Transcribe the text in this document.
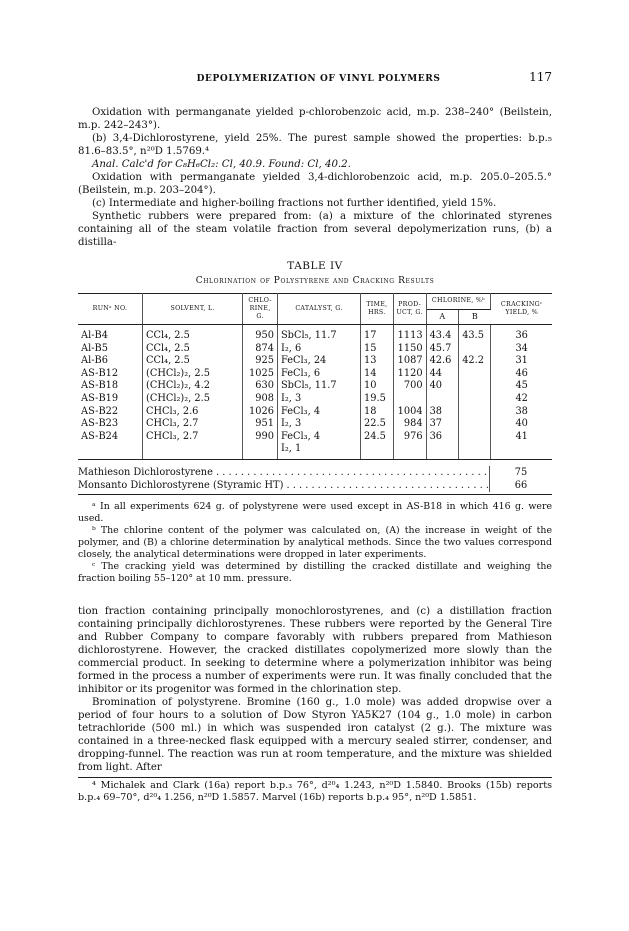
DEPOLYMERIZATION OF VINYL POLYMERS	117

Oxidation with permanganate yielded p-chlorobenzoic acid, m.p. 238–240° (Beilstein, m.p. 242–243°).

(b) 3,4-Dichlorostyrene, yield 25%. The purest sample showed the properties: b.p.₅ 81.6–83.5°, n²⁰D 1.5769.⁴

Anal. Calc'd for C₈H₆Cl₂: Cl, 40.9. Found: Cl, 40.2.

Oxidation with permanganate yielded 3,4-dichlorobenzoic acid, m.p. 205.0–205.5.° (Beilstein, m.p. 203–204°).

(c) Intermediate and higher-boiling fractions not further identified, yield 15%.

Synthetic rubbers were prepared from: (a) a mixture of the chlorinated styrenes containing all of the steam volatile fraction from several depolymerization runs, (b) a distilla-

TABLE IV
Chlorination of Polystyrene and Cracking Results
RUNᵃ NO.	SOLVENT, L.	CHLO- RINE, G.	CATALYST, G.	TIME, HRS.	PROD- UCT, G.	CHLORINE, %ᵇ		CRACKINGᶜ YIELD, %
						A	B	
Al-B4	CCl₄, 2.5	950	SbCl₅, 11.7	17	1113	43.4	43.5	36
Al-B5	CCl₄, 2.5	874	I₂, 6	15	1150	45.7		34
Al-B6	CCl₄, 2.5	925	FeCl₃, 24	13	1087	42.6	42.2	31
AS-B12	(CHCl₂)₂, 2.5	1025	FeCl₃, 6	14	1120	44		46
AS-B18	(CHCl₂)₂, 4.2	630	SbCl₅, 11.7	10	700	40		45
AS-B19	(CHCl₂)₂, 2.5	908	I₂, 3	19.5				42
AS-B22	CHCl₃, 2.6	1026	FeCl₃, 4	18	1004	38		38
AS-B23	CHCl₃, 2.7	951	I₂, 3	22.5	984	37		40
AS-B24	CHCl₃, 2.7	990	FeCl₃, 4	24.5	976	36		41
			I₂, 1					
Mathieson Dichlorostyrene . . .	75
Monsanto Dichlorostyrene (Styramic HT) . . .	66

ᵃ In all experiments 624 g. of polystyrene were used except in AS-B18 in which 416 g. were used.

ᵇ The chlorine content of the polymer was calculated on, (A) the increase in weight of the polymer, and (B) a chlorine determination by analytical methods. Since the two values correspond closely, the analytical determinations were dropped in later experiments.

ᶜ The cracking yield was determined by distilling the cracked distillate and weighing the fraction boiling 55–120° at 10 mm. pressure.

tion fraction containing principally monochlorostyrenes, and (c) a distillation fraction containing principally dichlorostyrenes. These rubbers were reported by the General Tire and Rubber Company to compare favorably with rubbers prepared from Mathieson dichlorostyrene. However, the cracked distillates copolymerized more slowly than the commercial product. In seeking to determine where a polymerization inhibitor was being formed in the process a number of experiments were run. It was finally concluded that the inhibitor or its progenitor was formed in the chlorination step.

Bromination of polystyrene. Bromine (160 g., 1.0 mole) was added dropwise over a period of four hours to a solution of Dow Styron YA5K27 (104 g., 1.0 mole) in carbon tetrachloride (500 ml.) in which was suspended iron catalyst (2 g.). The mixture was contained in a three-necked flask equipped with a mercury sealed stirrer, condenser, and dropping-funnel. The reaction was run at room temperature, and the mixture was shielded from light. After

⁴ Michalek and Clark (16a) report b.p.₃ 76°, d²⁰₄ 1.243, n²⁰D 1.5840. Brooks (15b) reports b.p.₄ 69–70°, d²⁰₄ 1.256, n²⁰D 1.5857. Marvel (16b) reports b.p.₄ 95°, n²⁰D 1.5851.
